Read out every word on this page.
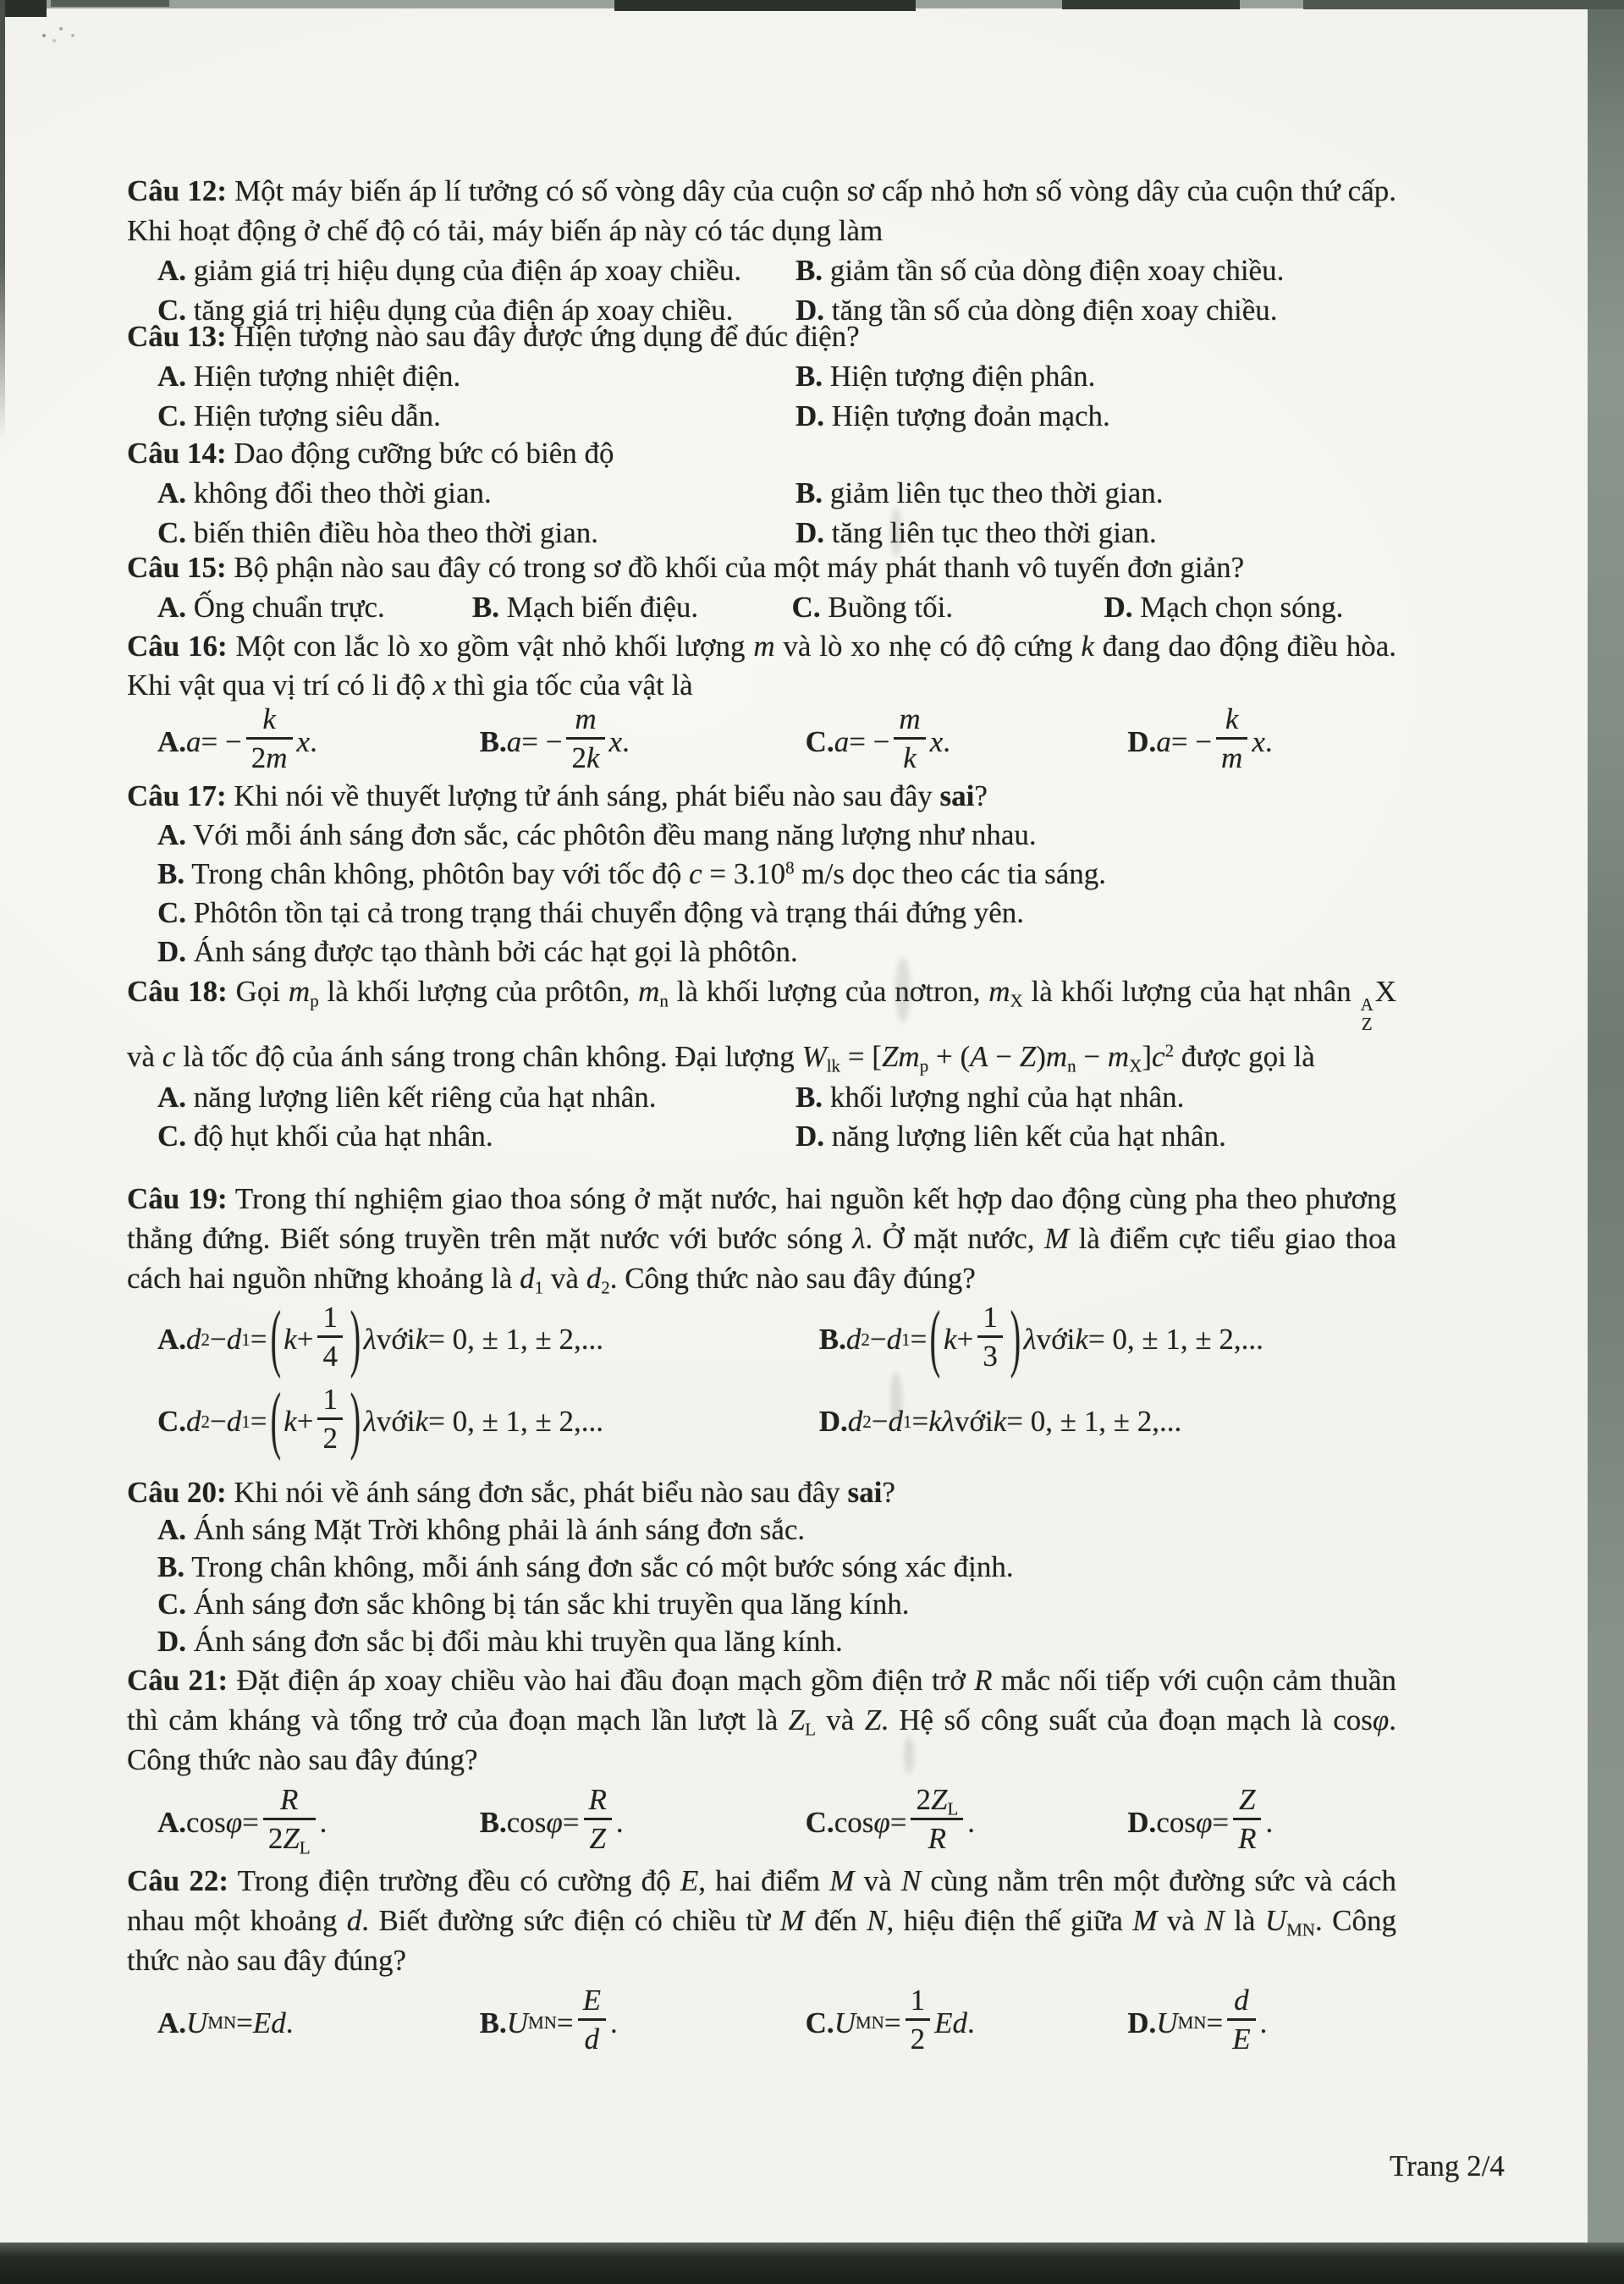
Câu 12: Một máy biến áp lí tưởng có số vòng dây của cuộn sơ cấp nhỏ hơn số vòng dây của cuộn thứ cấp. Khi hoạt động ở chế độ có tải, máy biến áp này có tác dụng làm
A. giảm giá trị hiệu dụng của điện áp xoay chiều.	B. giảm tần số của dòng điện xoay chiều.
C. tăng giá trị hiệu dụng của điện áp xoay chiều.	D. tăng tần số của dòng điện xoay chiều.
Câu 13: Hiện tượng nào sau đây được ứng dụng để đúc điện?
A. Hiện tượng nhiệt điện.	B. Hiện tượng điện phân.
C. Hiện tượng siêu dẫn.	D. Hiện tượng đoản mạch.
Câu 14: Dao động cưỡng bức có biên độ
A. không đổi theo thời gian.	B. giảm liên tục theo thời gian.
C. biến thiên điều hòa theo thời gian.	D. tăng liên tục theo thời gian.
Câu 15: Bộ phận nào sau đây có trong sơ đồ khối của một máy phát thanh vô tuyến đơn giản?
A. Ống chuẩn trực.	B. Mạch biến điệu.	C. Buồng tối.	D. Mạch chọn sóng.
Câu 16: Một con lắc lò xo gồm vật nhỏ khối lượng m và lò xo nhẹ có độ cứng k đang dao động điều hòa. Khi vật qua vị trí có li độ x thì gia tốc của vật là
A. a = − $\frac{k}{2m}$ x .	B. a = − $\frac{m}{2k}$ x .	C. a = − $\frac{m}{k}$ x .	D. a = − $\frac{k}{m}$ x .
Câu 17: Khi nói về thuyết lượng tử ánh sáng, phát biểu nào sau đây sai?
A. Với mỗi ánh sáng đơn sắc, các phôtôn đều mang năng lượng như nhau.
B. Trong chân không, phôtôn bay với tốc độ $c = 3.10^8$ m/s dọc theo các tia sáng.
C. Phôtôn tồn tại cả trong trạng thái chuyển động và trạng thái đứng yên.
D. Ánh sáng được tạo thành bởi các hạt gọi là phôtôn.
Câu 18: Gọi $m_p$ là khối lượng của prôtôn, $m_n$ là khối lượng của nơtron, $m_X$ là khối lượng của hạt nhân A
Z
X và c là tốc độ của ánh sáng trong chân không. Đại lượng $W_{lk} = [Zm_p + (A - Z)m_n - m_X]c^2$ được gọi là
A. năng lượng liên kết riêng của hạt nhân.	B. khối lượng nghỉ của hạt nhân.
C. độ hụt khối của hạt nhân.	D. năng lượng liên kết của hạt nhân.
Câu 19: Trong thí nghiệm giao thoa sóng ở mặt nước, hai nguồn kết hợp dao động cùng pha theo phương thẳng đứng. Biết sóng truyền trên mặt nước với bước sóng λ. Ở mặt nước, M là điểm cực tiểu giao thoa cách hai nguồn những khoảng là $d_1$ và $d_2$. Công thức nào sau đây đúng?
A. d 2 − d 1 = ( $k + \frac{1}{4}$ ) λ với k = 0, ± 1, ± 2,...	B. d 2 − d 1 = ( $k + \frac{1}{3}$ ) λ với k = 0, ± 1, ± 2,...
C. d 2 − d 1 = ( $k + \frac{1}{2}$ ) λ với k = 0, ± 1, ± 2,...	D. d 2 − d 1 = kλ với k = 0, ± 1, ± 2,...
Câu 20: Khi nói về ánh sáng đơn sắc, phát biểu nào sau đây sai?
A. Ánh sáng Mặt Trời không phải là ánh sáng đơn sắc.
B. Trong chân không, mỗi ánh sáng đơn sắc có một bước sóng xác định.
C. Ánh sáng đơn sắc không bị tán sắc khi truyền qua lăng kính.
D. Ánh sáng đơn sắc bị đổi màu khi truyền qua lăng kính.
Câu 21: Đặt điện áp xoay chiều vào hai đầu đoạn mạch gồm điện trở R mắc nối tiếp với cuộn cảm thuần thì cảm kháng và tổng trở của đoạn mạch lần lượt là $Z_L$ và Z. Hệ số công suất của đoạn mạch là cosφ. Công thức nào sau đây đúng?
A. $\cos \varphi = \frac{R}{2Z_L}$ .	B. $\cos \varphi = \frac{R}{Z}$ .	C. $\cos \varphi = \frac{2Z_L}{R}$ .	D. $\cos \varphi = \frac{Z}{R}$ .
Câu 22: Trong điện trường đều có cường độ E, hai điểm M và N cùng nằm trên một đường sức và cách nhau một khoảng d. Biết đường sức điện có chiều từ M đến N, hiệu điện thế giữa M và N là $U_{MN}$. Công thức nào sau đây đúng?
A. U MN = Ed .	B. U MN = $\frac{E}{d}$ .	C. U MN = $\frac{1}{2}$ Ed .	D. U MN = $\frac{d}{E}$ .
Trang 2/4
